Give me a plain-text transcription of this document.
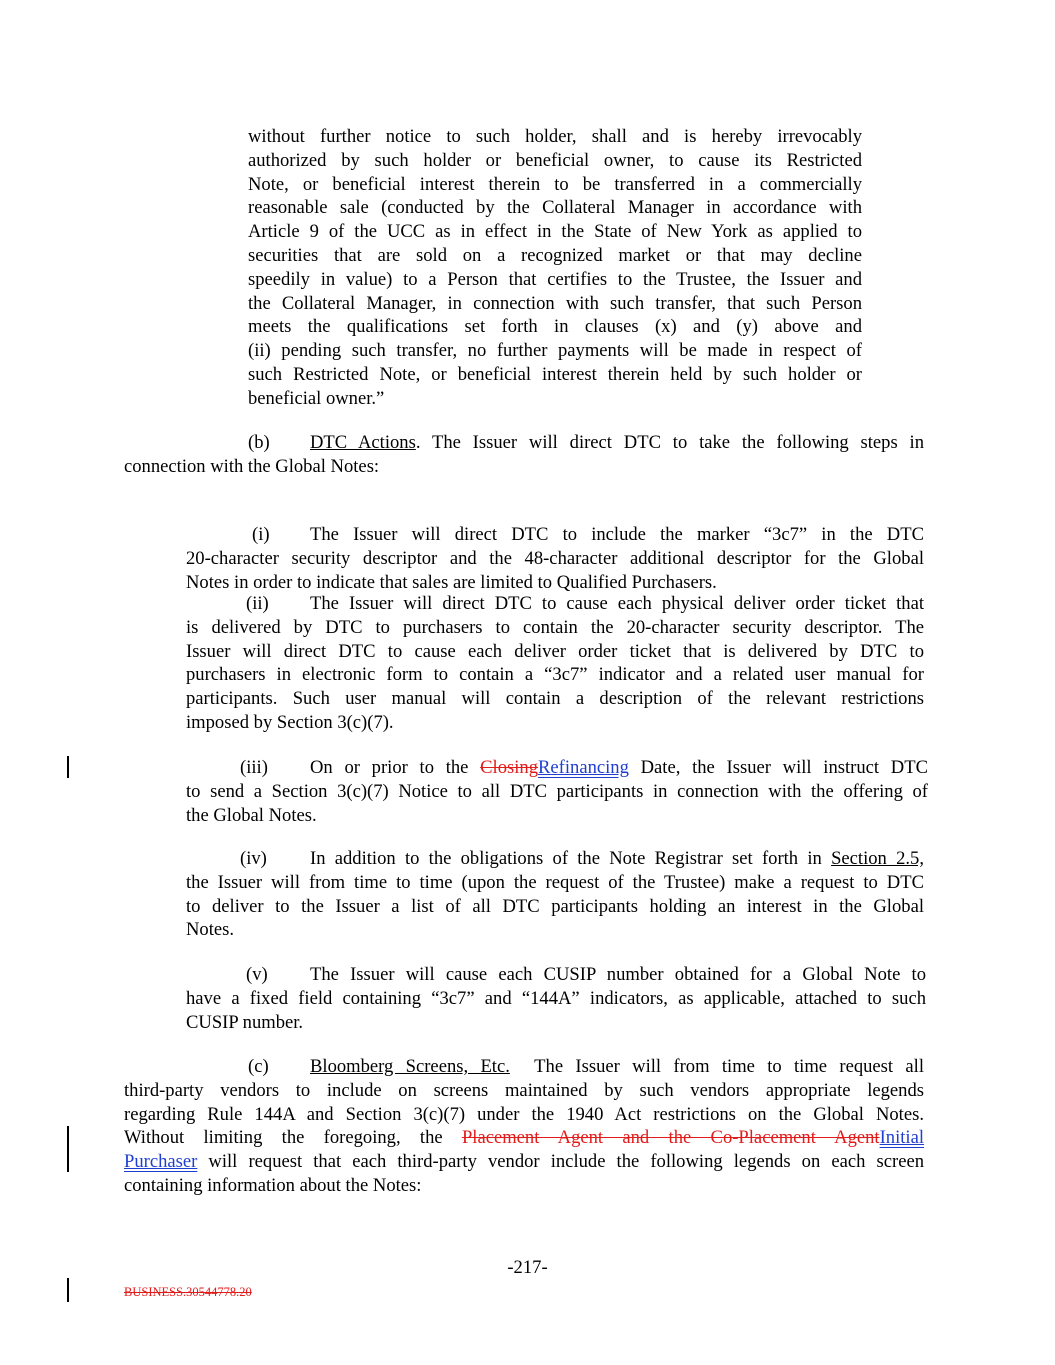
without further notice to such holder, shall and is hereby irrevocably
authorized by such holder or beneficial owner, to cause its Restricted
Note, or beneficial interest therein to be transferred in a commercially
reasonable sale (conducted by the Collateral Manager in accordance with
Article 9 of the UCC as in effect in the State of New York as applied to
securities that are sold on a recognized market or that may decline
speedily in value) to a Person that certifies to the Trustee, the Issuer and
the Collateral Manager, in connection with such transfer, that such Person
meets the qualifications set forth in clauses (x) and (y) above and
(ii) pending such transfer, no further payments will be made in respect of
such Restricted Note, or beneficial interest therein held by such holder or
beneficial owner.”
(b) DTC Actions. The Issuer will direct DTC to take the following steps in
connection with the Global Notes:
(i) The Issuer will direct DTC to include the marker “3c7” in the DTC
20-character security descriptor and the 48-character additional descriptor for the Global
Notes in order to indicate that sales are limited to Qualified Purchasers.
(ii) The Issuer will direct DTC to cause each physical deliver order ticket that
is delivered by DTC to purchasers to contain the 20-character security descriptor. The
Issuer will direct DTC to cause each deliver order ticket that is delivered by DTC to
purchasers in electronic form to contain a “3c7” indicator and a related user manual for
participants. Such user manual will contain a description of the relevant restrictions
imposed by Section 3(c)(7).
(iii) On or prior to the ClosingRefinancing Date, the Issuer will instruct DTC
to send a Section 3(c)(7) Notice to all DTC participants in connection with the offering of
the Global Notes.
(iv) In addition to the obligations of the Note Registrar set forth in Section 2.5,
the Issuer will from time to time (upon the request of the Trustee) make a request to DTC
to deliver to the Issuer a list of all DTC participants holding an interest in the Global
Notes.
(v) The Issuer will cause each CUSIP number obtained for a Global Note to
have a fixed field containing “3c7” and “144A” indicators, as applicable, attached to such
CUSIP number.
(c) Bloomberg Screens, Etc.  The Issuer will from time to time request all
third-party vendors to include on screens maintained by such vendors appropriate legends
regarding Rule 144A and Section 3(c)(7) under the 1940 Act restrictions on the Global Notes.
Without limiting the foregoing, the Placement Agent and the Co-Placement AgentInitial
Purchaser will request that each third-party vendor include the following legends on each screen
containing information about the Notes:
-217-
BUSINESS.30544778.20
